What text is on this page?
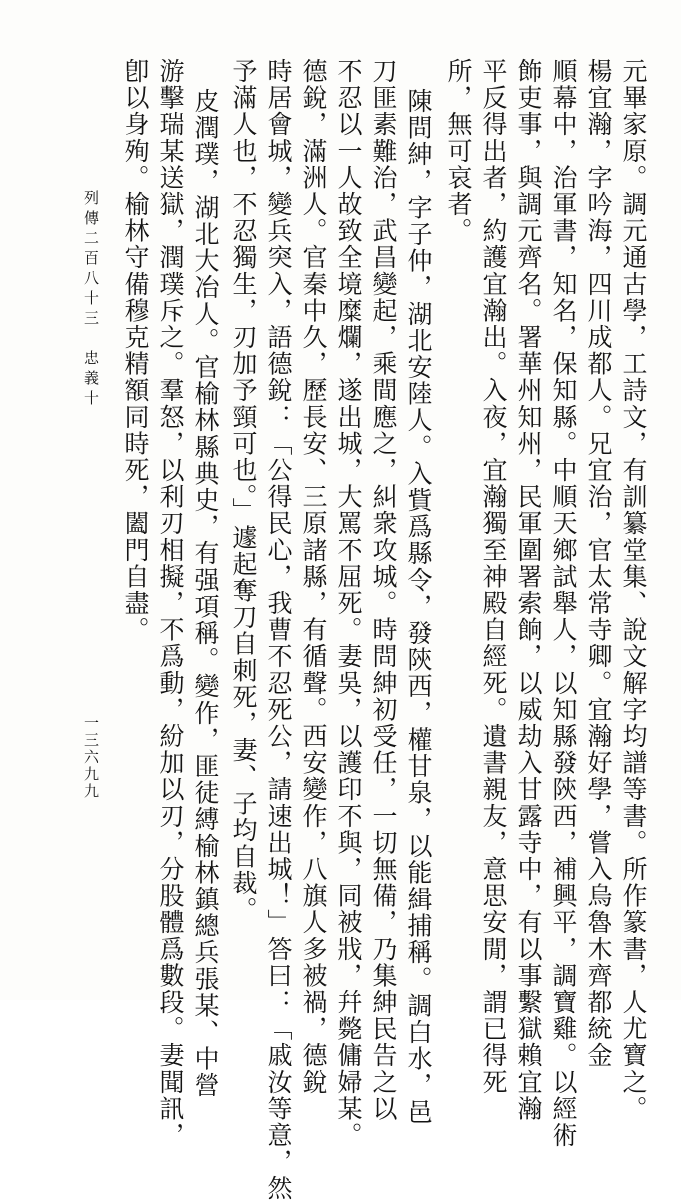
元畢家原。調元通古學，工詩文，有訓纂堂集、說文解字均譜等書。所作篆書，人尤寶之。
楊宜瀚，字吟海，四川成都人。兄宜治，官太常寺卿。宜瀚好學，嘗入烏魯木齊都統金
順幕中，治軍書，知名，保知縣。中順天鄉試舉人，以知縣發陝西，補興平，調寶雞。以經術
飾吏事，與調元齊名。署華州知州，民軍圍署索餉，以威劫入甘露寺中，有以事繫獄賴宜瀚
平反得出者，約護宜瀚出。入夜，宜瀚獨至神殿自經死。遺書親友，意思安閒，謂已得死
所，無可哀者。
陳問紳，字子仲，湖北安陸人。入貲爲縣令，發陝西，權甘泉，以能緝捕稱。調白水，邑
刀匪素難治，武昌變起，乘間應之，糾衆攻城。時問紳初受任，一切無備，乃集紳民告之以
不忍以一人故致全境糜爛，遂出城，大罵不屈死。妻吳，以護印不與，同被戕，幷斃傭婦某。
德銳，滿洲人。官秦中久，歷長安、三原諸縣，有循聲。西安變作，八旗人多被禍，德銳
時居會城，變兵突入，語德銳：「公得民心，我曹不忍死公，請速出城！」答曰：「戚汝等意，然
予滿人也，不忍獨生，刃加予頸可也。」遽起奪刀自刺死，妻、子均自裁。
皮潤璞，湖北大冶人。官榆林縣典史，有强項稱。變作，匪徒縛榆林鎮總兵張某、中營
游擊瑞某送獄，潤璞斥之。羣怒，以利刃相擬，不爲動，紛加以刃，分股體爲數段。妻聞訊，
卽以身殉。榆林守備穆克精額同時死，闔門自盡。
列傳二百八十三　忠義十
一三六九九
